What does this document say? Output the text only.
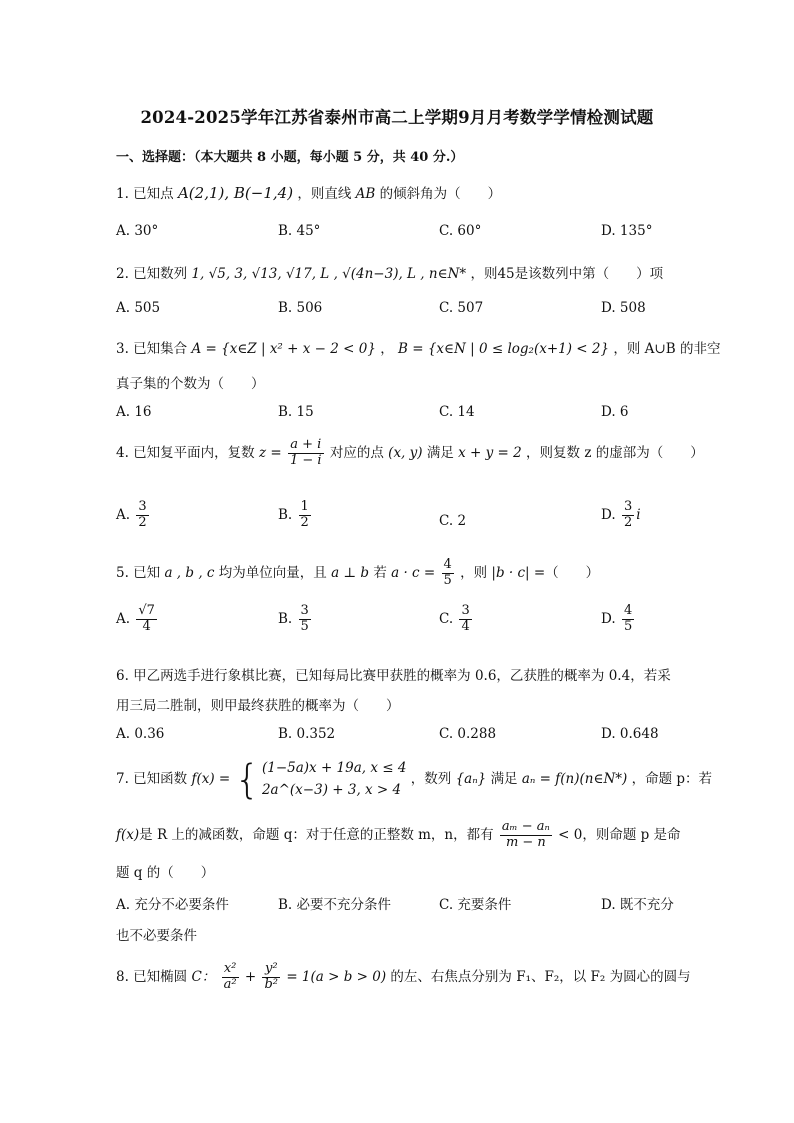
2024-2025学年江苏省泰州市高二上学期9月月考数学学情检测试题
一、选择题：（本大题共 8 小题，每小题 5 分，共 40 分.）
1. 已知点 A(2,1), B(−1,4) ，则直线 AB 的倾斜角为（　　）
A. 30°	B. 45°	C. 60°	D. 135°
2. 已知数列 1, √5, 3, √13, √17, L , √(4n−3), L , n∈N* ，则45是该数列中第（　　）项
A. 505	B. 506	C. 507	D. 508
3. 已知集合 A = {x∈Z | x² + x − 2 < 0} ， B = {x∈N | 0 ≤ log₂(x+1) < 2} ，则 A∪B 的非空
真子集的个数为（　　）
A. 16	B. 15	C. 14	D. 6
4. 已知复平面内，复数 $z = \frac{a + i}{1 - i}$ 对应的点 (x, y) 满足 x + y = 2 ，则复数 z 的虚部为（　　）
A. $\frac{3}{2}$	B. $\frac{1}{2}$	C. 2	D. $\frac{3}{2}$ i
5. 已知 a , b , c 均为单位向量，且 a ⊥ b 若 $a \cdot c = \frac{4}{5}$ ，则 |b · c| =（　　）
A. $\frac{√7}{4}$	B. $\frac{3}{5}$	C. $\frac{3}{4}$	D. $\frac{4}{5}$
6. 甲乙两选手进行象棋比赛，已知每局比赛甲获胜的概率为 0.6，乙获胜的概率为 0.4，若采
用三局二胜制，则甲最终获胜的概率为（　　）
A. 0.36	B. 0.352	C. 0.288	D. 0.648
7. 已知函数 f(x) = { (1−5a)x + 19a, x ≤ 4
2a^(x−3) + 3, x > 4
，数列 {aₙ} 满足 aₙ = f(n)(n∈N*) ，命题 p：若
f(x)是 R 上的减函数，命题 q：对于任意的正整数 m，n，都有 $\frac{\text{aₘ − aₙ}}{m - n} < 0$，则命题 p 是命
题 q 的（　　）
A. 充分不必要条件	B. 必要不充分条件	C. 充要条件	D. 既不充分
也不必要条件
8. 已知椭圆 C： $\frac{\text{x²}}{\text{a²}} + \frac{\text{y²}}{\text{b²}} = 1(a > b > 0)$ 的左、右焦点分别为 F₁、F₂，以 F₂ 为圆心的圆与
